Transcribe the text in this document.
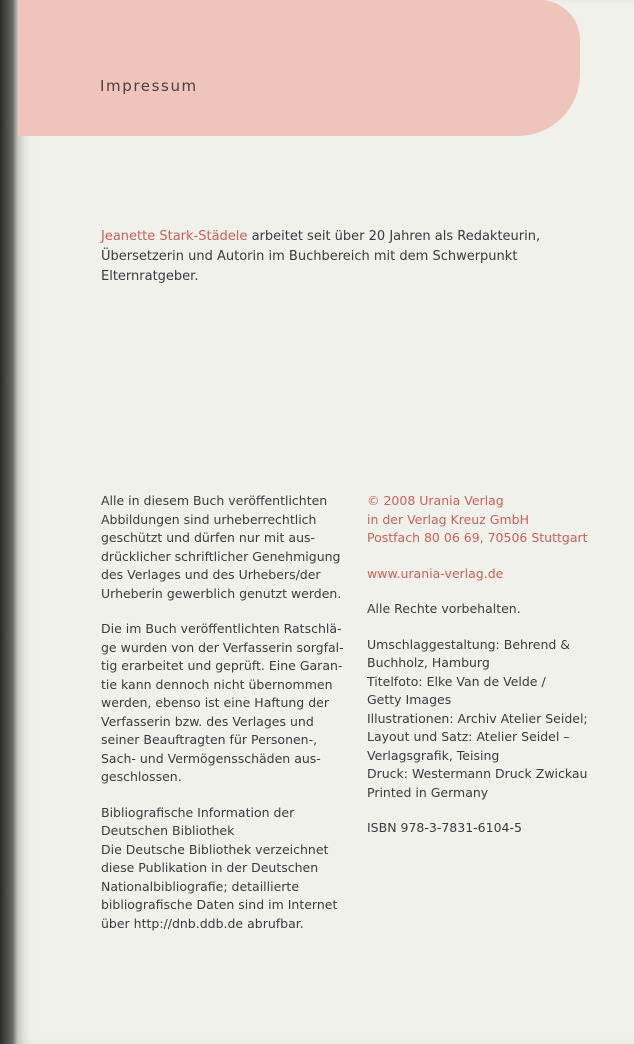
Impressum
Jeanette Stark-Städele arbeitet seit über 20 Jahren als Redakteurin,
Übersetzerin und Autorin im Buchbereich mit dem Schwerpunkt
Elternratgeber.
Alle in diesem Buch veröffentlichten
Abbildungen sind urheberrechtlich
geschützt und dürfen nur mit aus-
drücklicher schriftlicher Genehmigung
des Verlages und des Urhebers/der
Urheberin gewerblich genutzt werden.
Die im Buch veröffentlichten Ratschlä-
ge wurden von der Verfasserin sorgfal-
tig erarbeitet und geprüft. Eine Garan-
tie kann dennoch nicht übernommen
werden, ebenso ist eine Haftung der
Verfasserin bzw. des Verlages und
seiner Beauftragten für Personen-,
Sach- und Vermögensschäden aus-
geschlossen.
Bibliografische Information der
Deutschen Bibliothek
Die Deutsche Bibliothek verzeichnet
diese Publikation in der Deutschen
Nationalbibliografie; detaillierte
bibliografische Daten sind im Internet
über http://dnb.ddb.de abrufbar.
© 2008 Urania Verlag
in der Verlag Kreuz GmbH
Postfach 80 06 69, 70506 Stuttgart
www.urania-verlag.de
Alle Rechte vorbehalten.
Umschlaggestaltung: Behrend &
Buchholz, Hamburg
Titelfoto: Elke Van de Velde /
Getty Images
Illustrationen: Archiv Atelier Seidel;
Layout und Satz: Atelier Seidel –
Verlagsgrafik, Teising
Druck: Westermann Druck Zwickau
Printed in Germany
ISBN 978-3-7831-6104-5
